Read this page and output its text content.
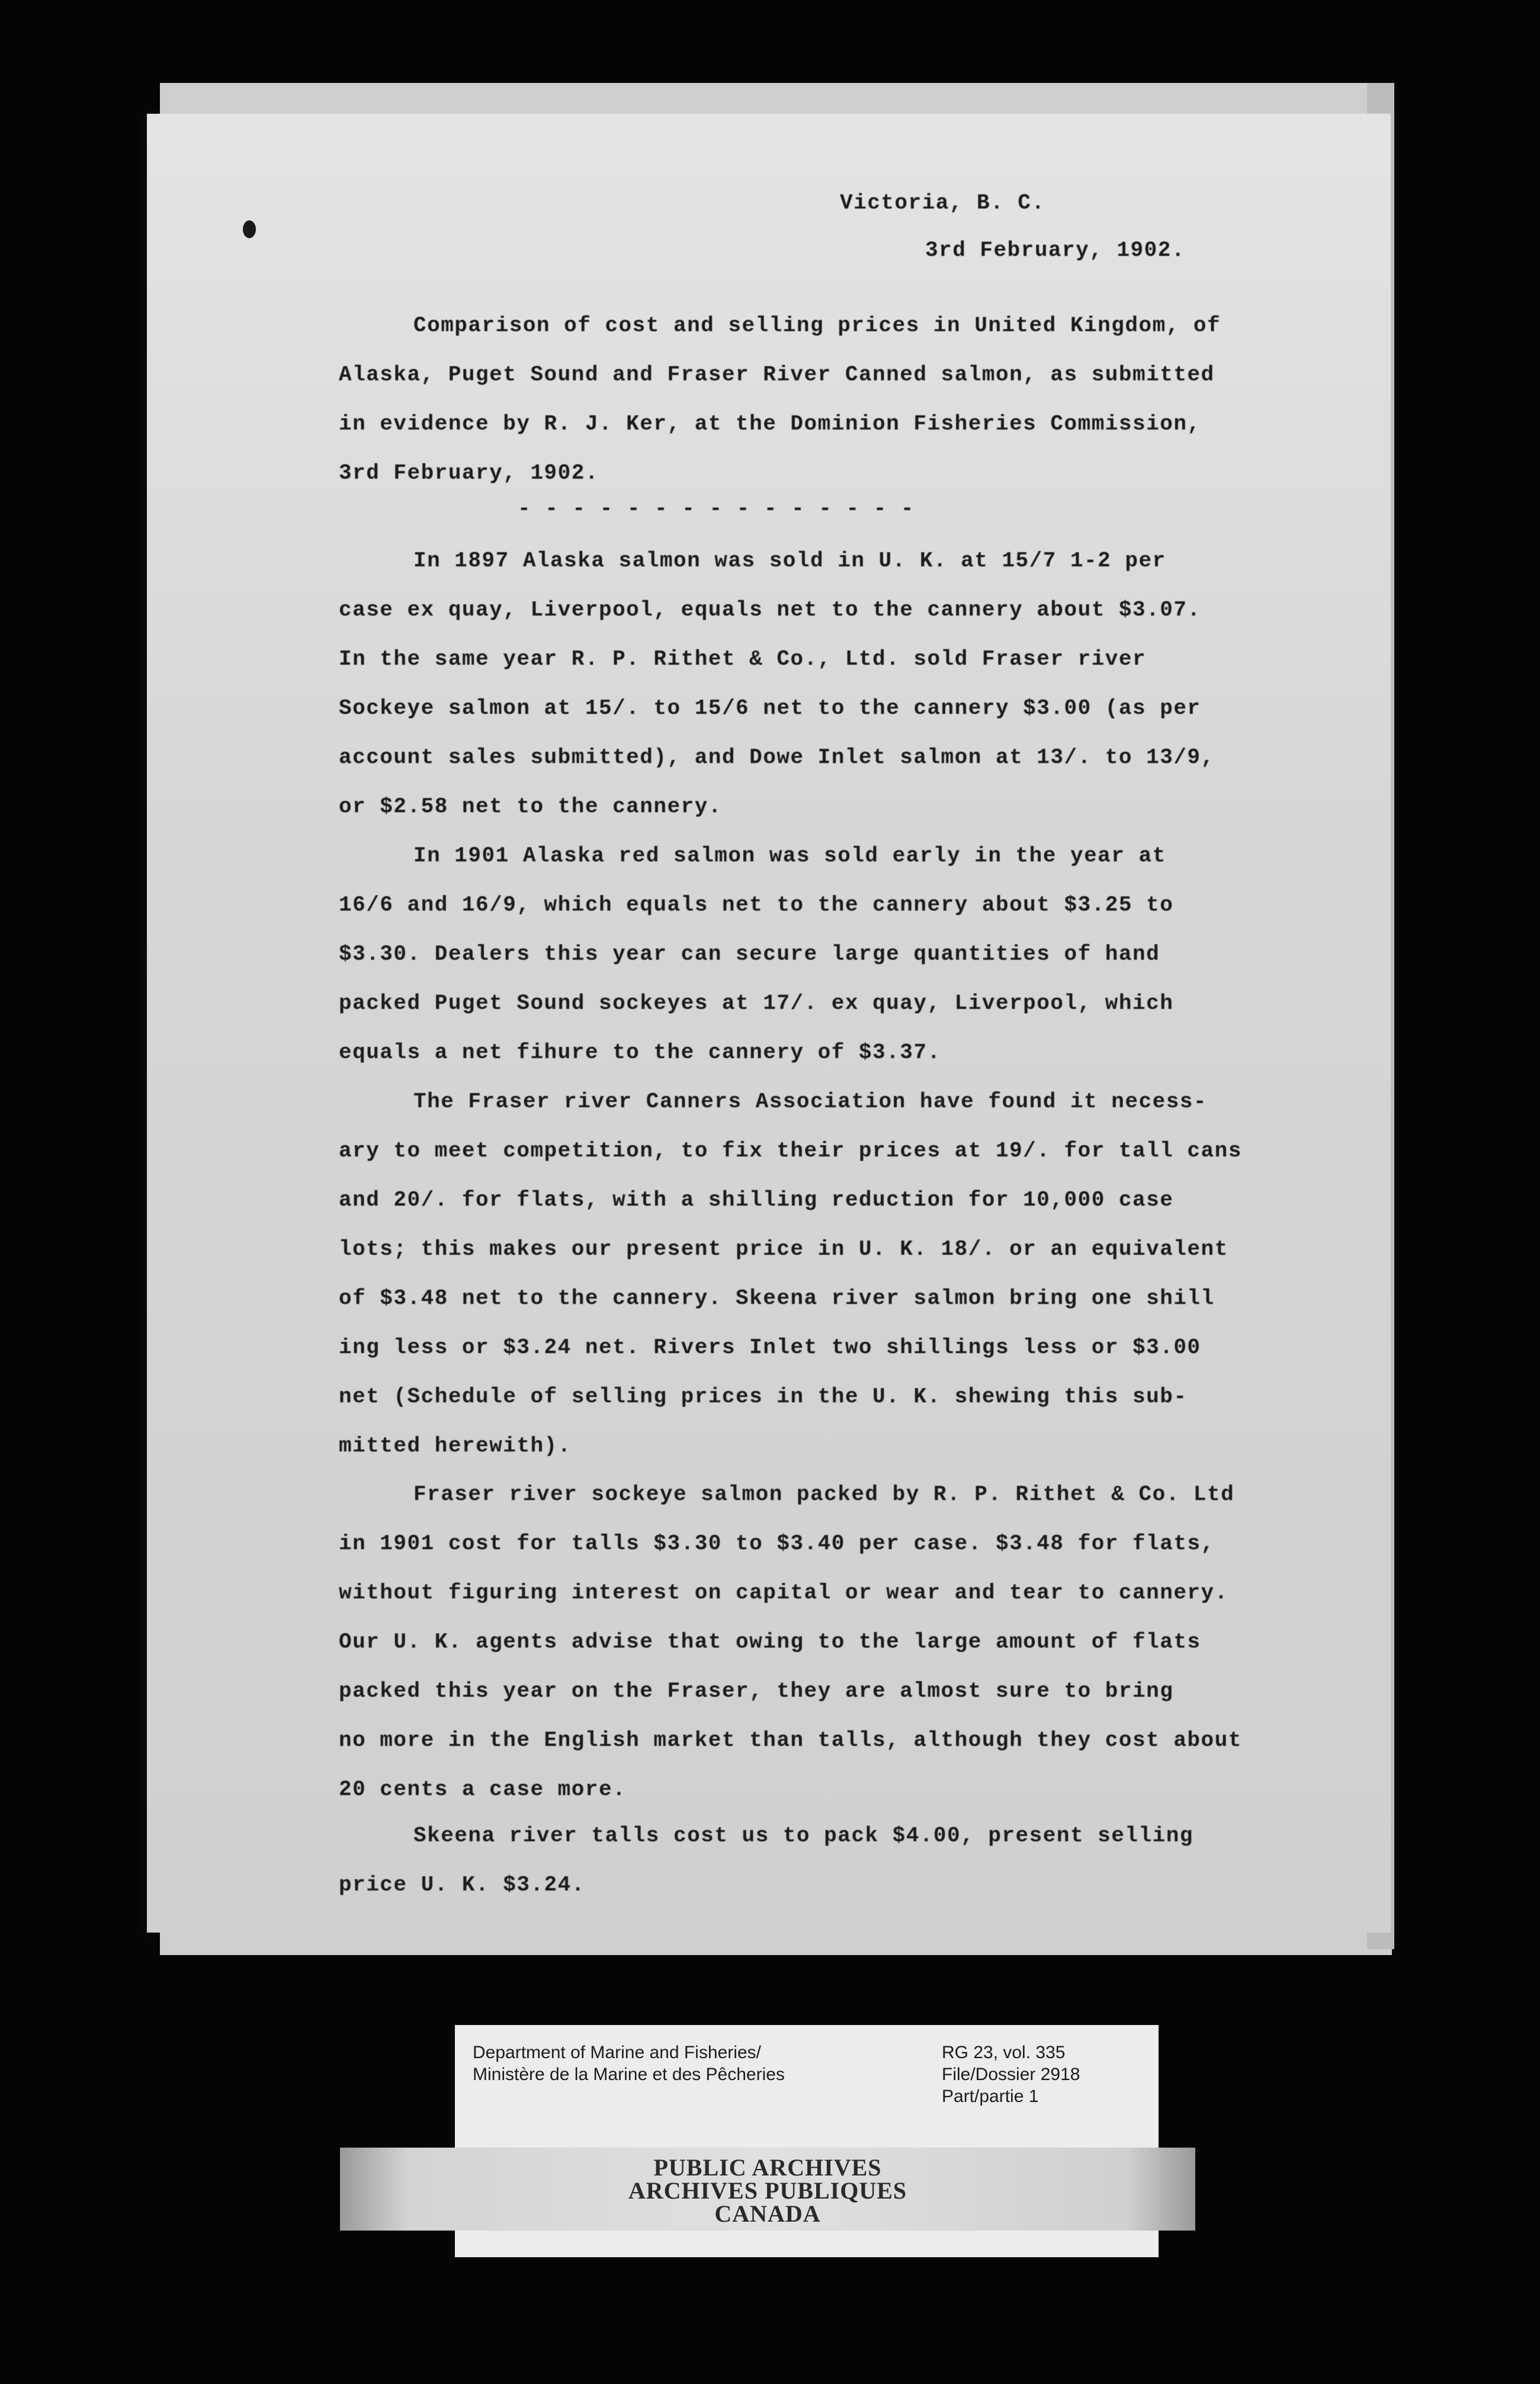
Victoria, B. C.
3rd February, 1902.
Comparison of cost and selling prices in United Kingdom, of
Alaska, Puget Sound and Fraser River Canned salmon, as submitted
in evidence by R. J. Ker, at the Dominion Fisheries Commission,
3rd February, 1902.
- - - - - - - - - - - - - - -
In 1897 Alaska salmon was sold in U. K. at 15/7 1-2 per
case ex quay, Liverpool, equals net to the cannery about $3.07.
In the same year R. P. Rithet & Co., Ltd. sold Fraser river
Sockeye salmon at 15/. to 15/6 net to the cannery $3.00 (as per
account sales submitted), and Dowe Inlet salmon at 13/. to 13/9,
or $2.58 net to the cannery.
In 1901 Alaska red salmon was sold early in the year at
16/6 and 16/9, which equals net to the cannery about $3.25 to
$3.30. Dealers this year can secure large quantities of hand
packed Puget Sound sockeyes at 17/. ex quay, Liverpool, which
equals a net fihure to the cannery of $3.37.
The Fraser river Canners Association have found it necess-
ary to meet competition, to fix their prices at 19/. for tall cans
and 20/. for flats, with a shilling reduction for 10,000 case
lots; this makes our present price in U. K. 18/. or an equivalent
of $3.48 net to the cannery. Skeena river salmon bring one shill
ing less or $3.24 net. Rivers Inlet two shillings less or $3.00
net (Schedule of selling prices in the U. K. shewing this sub-
mitted herewith).
Fraser river sockeye salmon packed by R. P. Rithet & Co. Ltd
in 1901 cost for talls $3.30 to $3.40 per case. $3.48 for flats,
without figuring interest on capital or wear and tear to cannery.
Our U. K. agents advise that owing to the large amount of flats
packed this year on the Fraser, they are almost sure to bring
no more in the English market than talls, although they cost about
20 cents a case more.
Skeena river talls cost us to pack $4.00, present selling
price U. K. $3.24.
Department of Marine and Fisheries/
Ministère de la Marine et des Pêcheries
RG 23, vol. 335
File/Dossier 2918
Part/partie 1
PUBLIC ARCHIVES
ARCHIVES PUBLIQUES
CANADA
